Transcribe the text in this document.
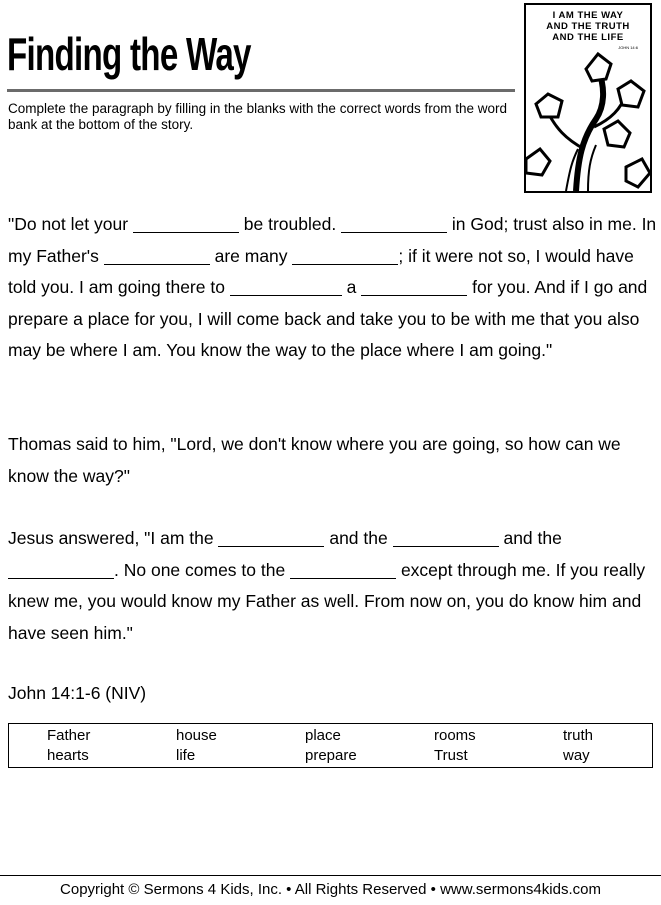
Finding the Way
Complete the paragraph by filling in the blanks with the correct words from the word bank at the bottom of the story.
I AM THE WAY
AND THE TRUTH
AND THE LIFE
JOHN 14:6
"Do not let your	be troubled.	in God; trust also in me. In my Father's	are many	; if it were not so, I would have told you. I am going there to	a	for you. And if I go and prepare a place for you, I will come back and take you to be with me that you also may be where I am. You know the way to the place where I am going."
Thomas said to him, "Lord, we don't know where you are going, so how can we know the way?"
Jesus answered, "I am the	and the	and the . No one comes to the	except through me. If you really knew me, you would know my Father as well. From now on, you do know him and have seen him."
John 14:1-6 (NIV)
Father	house	place	rooms	truth
hearts	life	prepare	Trust	way
Copyright © Sermons 4 Kids, Inc. • All Rights Reserved • www.sermons4kids.com
